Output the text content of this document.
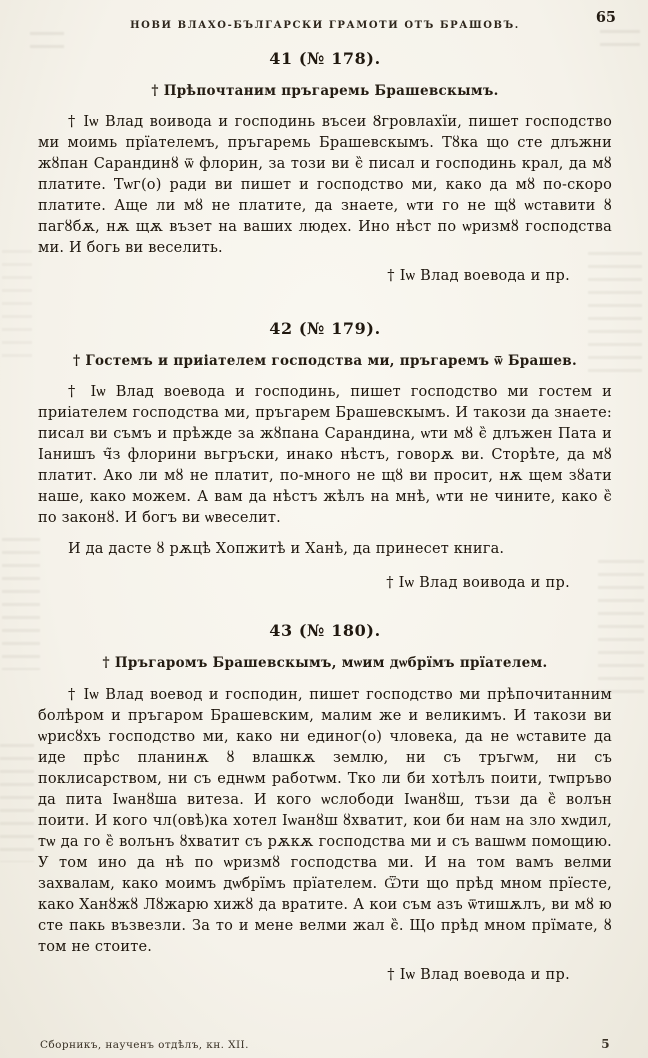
НОВИ ВЛАХО-БЪЛГАРСКИ ГРАМОТИ ОТЪ БРАШОВЪ.	65
41 (№ 178).
† Прѣпочтаним пръгаремь Брашевскымъ.

† Іѡ Влад воивода и господинь въсеи Ȣгровлахїи, пишет господство ми моимь прїателемъ, пръгаремь Брашевскымъ. Тȣка що сте длъжни жȣпан Сарандинȣ ѿ флорин, за този ви є̏ писал и господинь крал, да мȣ платите. Тѡг(о) ради ви пишет и господство ми, како да мȣ по-скоро платите. Аще ли мȣ не платите, да знаете, ѡти го не щȣ ѡставити ȣ пагȣбѫ, нѫ щѫ възет на ваших людех. Ино нѣст по ѡризмȣ господства ми. И богь ви веселить.

† Іѡ Влад воевода и пр.

42 (№ 179).
† Гостемъ и приіателем господства ми, пръгаремъ ѿ Брашев.

† Іѡ Влад воевода и господинь, пишет господство ми гостем и приіателем господства ми, пръгарем Брашевскымъ. И такози да знаете: писал ви съмъ и прѣжде за жȣпана Сарандина, ѡти мȣ є̏ длъжен Пата и Іанишъ ч̃з флорини вьгръски, инако нѣстъ, говорѫ ви. Сторѣте, да мȣ платит. Ако ли мȣ не платит, по-много не щȣ ви просит, нѫ щем зȣати наше, како можем. А вам да нѣстъ жѣлъ на мнѣ, ѡти не чините, како є̏ по законȣ. И богъ ви ѡвеселит.

И да дасте ȣ рѫцѣ Хопжитѣ и Ханѣ, да принесет книга.

† Іѡ Влад воивода и пр.

43 (№ 180).
† Пръгаромъ Брашевскымъ, мѡим дѡбрїмъ прїателем.

† Іѡ Влад воевод и господин, пишет господство ми прѣпочитанним болѣром и пръгаром Брашевским, малим же и великимъ. И такози ви ѡрисȣхъ господство ми, како ни единог(о) чловека, да не ѡставите да иде прѣс планинѫ ȣ влашкѫ землю, ни съ тръгѡм, ни съ поклисарством, ни съ еднѡм работѡм. Тко ли би хотѣлъ поити, тѡпръво да пита Іѡанȣша витеза. И кого ѡслободи Іѡанȣш, тъзи да є̏ волън поити. И кого чл(овѣ)ка хотел Іѡанȣш ȣхватит, кои би нам на зло хѡдил, тѡ да го є̏ волънъ ȣхватит съ рѫкѫ господства ми и съ вашѡм помощию. У том ино да нѣ по ѡризмȣ господства ми. И на том вамъ велми захвалам, како моимъ дѡбрїмъ прїателем. Ѿти що прѣд мном прїесте, како Ханȣжȣ Лȣжарю хижȣ да вратите. А кои съм азъ ѿтишѫлъ, ви мȣ ю сте пакь възвезли. За то и мене велми жал є̏. Що прѣд мном прїмате, ȣ том не стоите.

† Іѡ Влад воевода и пр.

Сборникъ, наученъ отдѣлъ, кн. XII.	5
